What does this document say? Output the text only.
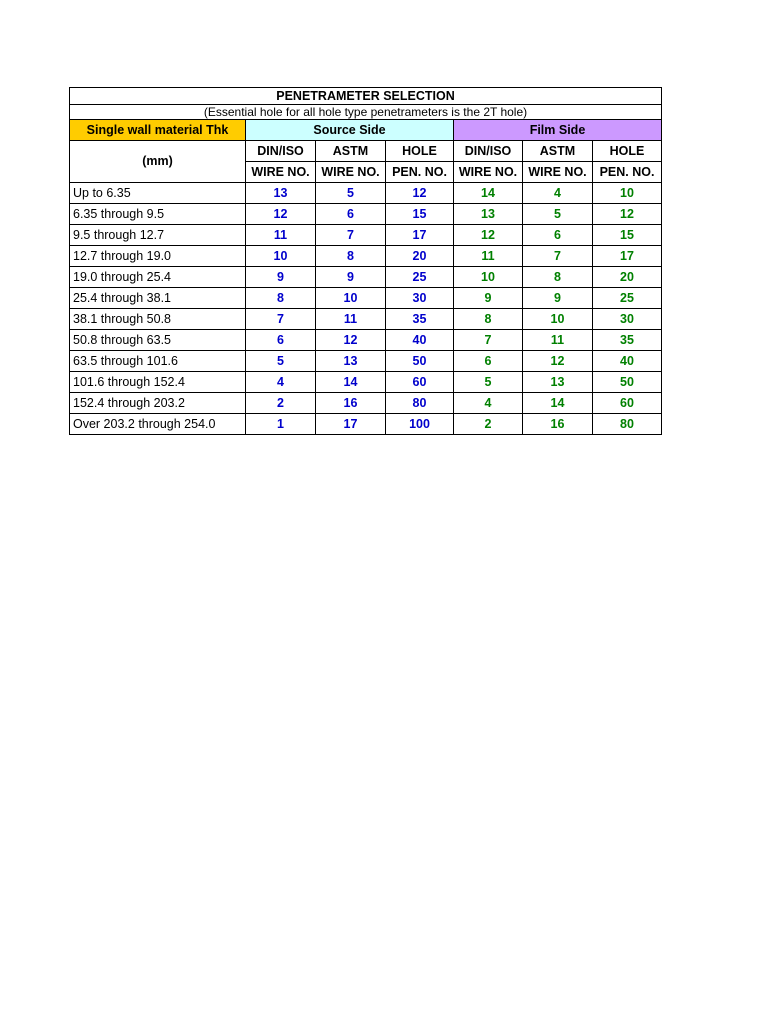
PENETRAMETER SELECTION						
(Essential hole for all hole type penetrameters is the 2T hole)						
Single wall material Thk	Source Side			Film Side		
(mm)	DIN/ISO	ASTM	HOLE	DIN/ISO	ASTM	HOLE
	WIRE NO.	WIRE NO.	PEN. NO.	WIRE NO.	WIRE NO.	PEN. NO.
Up to 6.35	13	5	12	14	4	10
6.35 through 9.5	12	6	15	13	5	12
9.5 through 12.7	11	7	17	12	6	15
12.7 through 19.0	10	8	20	11	7	17
19.0 through 25.4	9	9	25	10	8	20
25.4 through 38.1	8	10	30	9	9	25
38.1 through 50.8	7	11	35	8	10	30
50.8 through 63.5	6	12	40	7	11	35
63.5 through 101.6	5	13	50	6	12	40
101.6 through 152.4	4	14	60	5	13	50
152.4 through 203.2	2	16	80	4	14	60
Over 203.2 through 254.0	1	17	100	2	16	80
